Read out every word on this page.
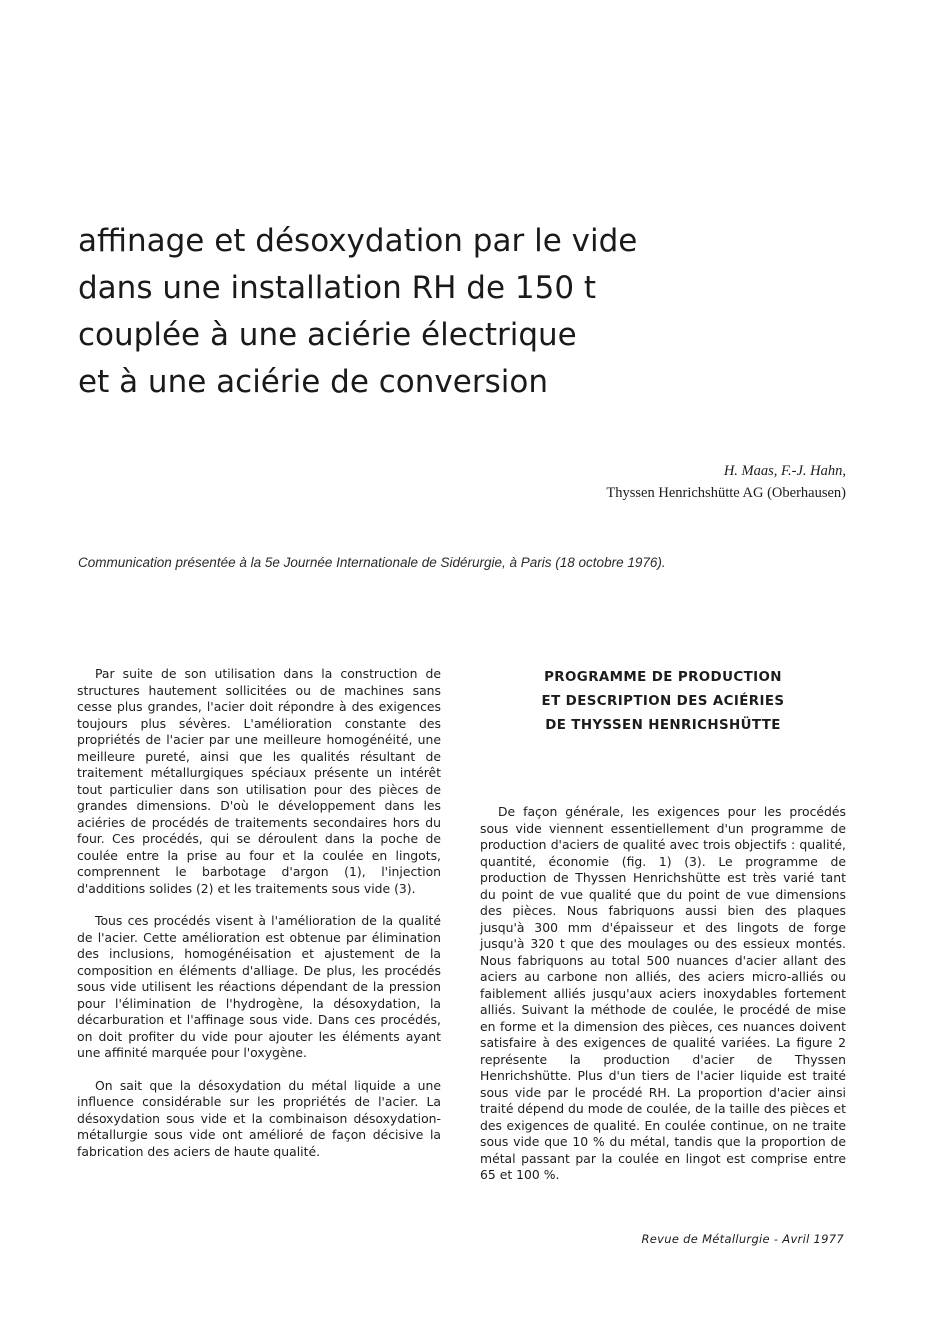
affinage et désoxydation par le vide
dans une installation RH de 150 t
couplée à une aciérie électrique
et à une aciérie de conversion
H. Maas, F.-J. Hahn,
Thyssen Henrichshütte AG (Oberhausen)
Communication présentée à la 5e Journée Internationale de Sidérurgie, à Paris (18 octobre 1976).

Par suite de son utilisation dans la construction de structures hautement sollicitées ou de machines sans cesse plus grandes, l'acier doit répondre à des exigences toujours plus sévères. L'amélioration constante des propriétés de l'acier par une meilleure homogénéité, une meilleure pureté, ainsi que les qualités résultant de traitement métallurgiques spéciaux présente un intérêt tout particulier dans son utilisation pour des pièces de grandes dimensions. D'où le développement dans les aciéries de procédés de traitements secondaires hors du four. Ces procédés, qui se déroulent dans la poche de coulée entre la prise au four et la coulée en lingots, comprennent le barbotage d'argon (1), l'injection d'additions solides (2) et les traitements sous vide (3).

Tous ces procédés visent à l'amélioration de la qualité de l'acier. Cette amélioration est obtenue par élimination des inclusions, homogénéisation et ajustement de la composition en éléments d'alliage. De plus, les procédés sous vide utilisent les réactions dépendant de la pression pour l'élimination de l'hydrogène, la désoxydation, la décarburation et l'affinage sous vide. Dans ces procédés, on doit profiter du vide pour ajouter les éléments ayant une affinité marquée pour l'oxygène.

On sait que la désoxydation du métal liquide a une influence considérable sur les propriétés de l'acier. La désoxydation sous vide et la combinaison désoxydation-métallurgie sous vide ont amélioré de façon décisive la fabrication des aciers de haute qualité.

PROGRAMME DE PRODUCTION
ET DESCRIPTION DES ACIÉRIES
DE THYSSEN HENRICHSHÜTTE

De façon générale, les exigences pour les procédés sous vide viennent essentiellement d'un programme de production d'aciers de qualité avec trois objectifs : qualité, quantité, économie (fig. 1) (3). Le programme de production de Thyssen Henrichshütte est très varié tant du point de vue qualité que du point de vue dimensions des pièces. Nous fabriquons aussi bien des plaques jusqu'à 300 mm d'épaisseur et des lingots de forge jusqu'à 320 t que des moulages ou des essieux montés. Nous fabriquons au total 500 nuances d'acier allant des aciers au carbone non alliés, des aciers micro-alliés ou faiblement alliés jusqu'aux aciers inoxydables fortement alliés. Suivant la méthode de coulée, le procédé de mise en forme et la dimension des pièces, ces nuances doivent satisfaire à des exigences de qualité variées. La figure 2 représente la production d'acier de Thyssen Henrichshütte. Plus d'un tiers de l'acier liquide est traité sous vide par le procédé RH. La proportion d'acier ainsi traité dépend du mode de coulée, de la taille des pièces et des exigences de qualité. En coulée continue, on ne traite sous vide que 10 % du métal, tandis que la proportion de métal passant par la coulée en lingot est comprise entre 65 et 100 %.

Revue de Métallurgie - Avril 1977
